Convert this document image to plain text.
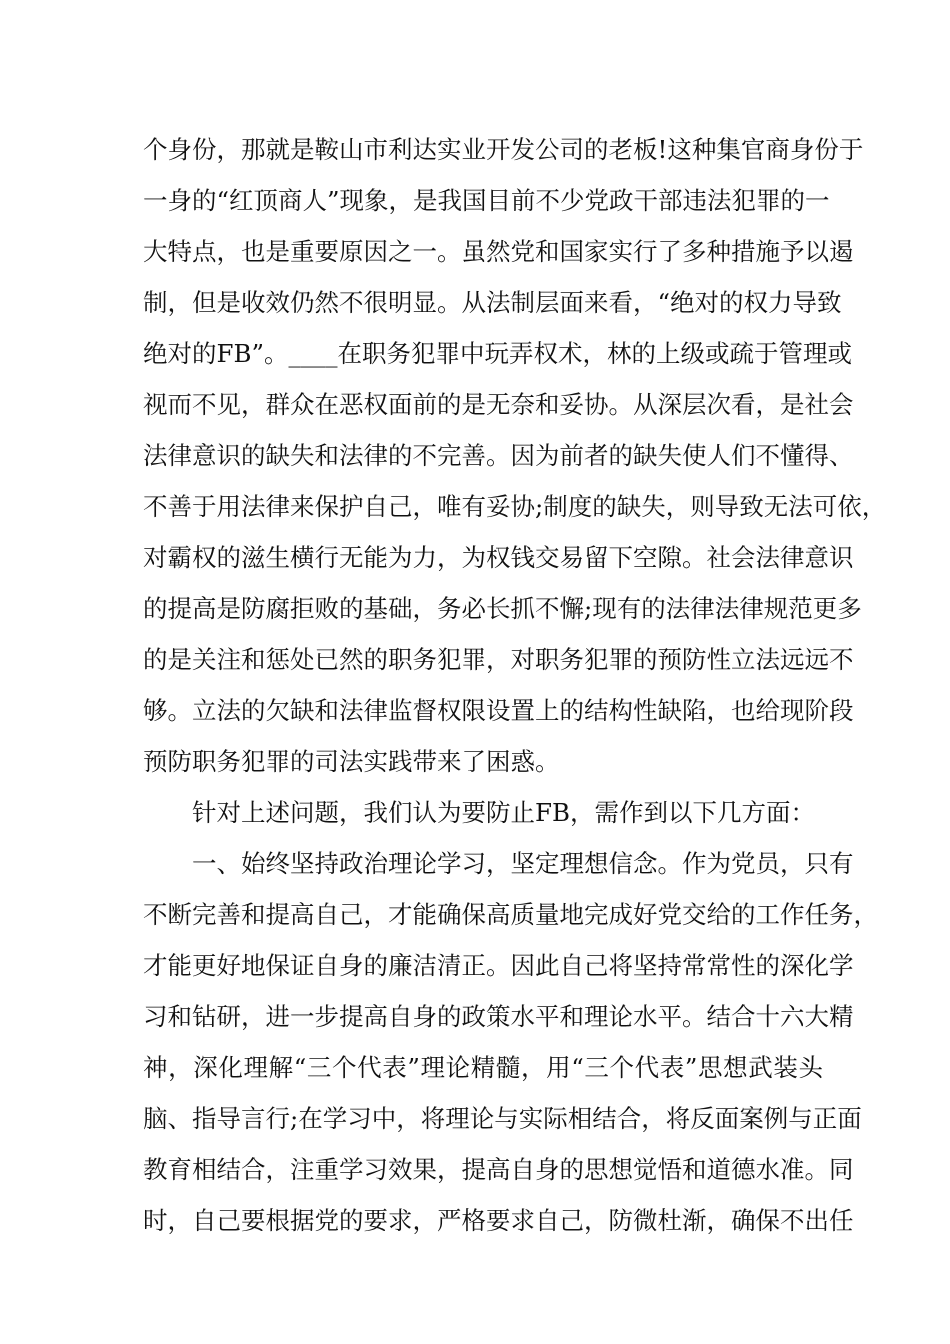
个身份，那就是鞍山市利达实业开发公司的老板!这种集官商身份于
一身的“红顶商人”现象，是我国目前不少党政干部违法犯罪的一
大特点，也是重要原因之一。虽然党和国家实行了多种措施予以遏
制，但是收效仍然不很明显。从法制层面来看，“绝对的权力导致
绝对的FB”。____在职务犯罪中玩弄权术，林的上级或疏于管理或
视而不见，群众在恶权面前的是无奈和妥协。从深层次看，是社会
法律意识的缺失和法律的不完善。因为前者的缺失使人们不懂得、
不善于用法律来保护自己，唯有妥协;制度的缺失，则导致无法可依，
对霸权的滋生横行无能为力，为权钱交易留下空隙。社会法律意识
的提高是防腐拒败的基础，务必长抓不懈;现有的法律法律规范更多
的是关注和惩处已然的职务犯罪，对职务犯罪的预防性立法远远不
够。立法的欠缺和法律监督权限设置上的结构性缺陷，也给现阶段
预防职务犯罪的司法实践带来了困惑。
针对上述问题，我们认为要防止FB，需作到以下几方面：
一、始终坚持政治理论学习，坚定理想信念。作为党员，只有
不断完善和提高自己，才能确保高质量地完成好党交给的工作任务，
才能更好地保证自身的廉洁清正。因此自己将坚持常常性的深化学
习和钻研，进一步提高自身的政策水平和理论水平。结合十六大精
神，深化理解“三个代表”理论精髓，用“三个代表”思想武装头
脑、指导言行;在学习中，将理论与实际相结合，将反面案例与正面
教育相结合，注重学习效果，提高自身的思想觉悟和道德水准。同
时，自己要根据党的要求，严格要求自己，防微杜渐，确保不出任
